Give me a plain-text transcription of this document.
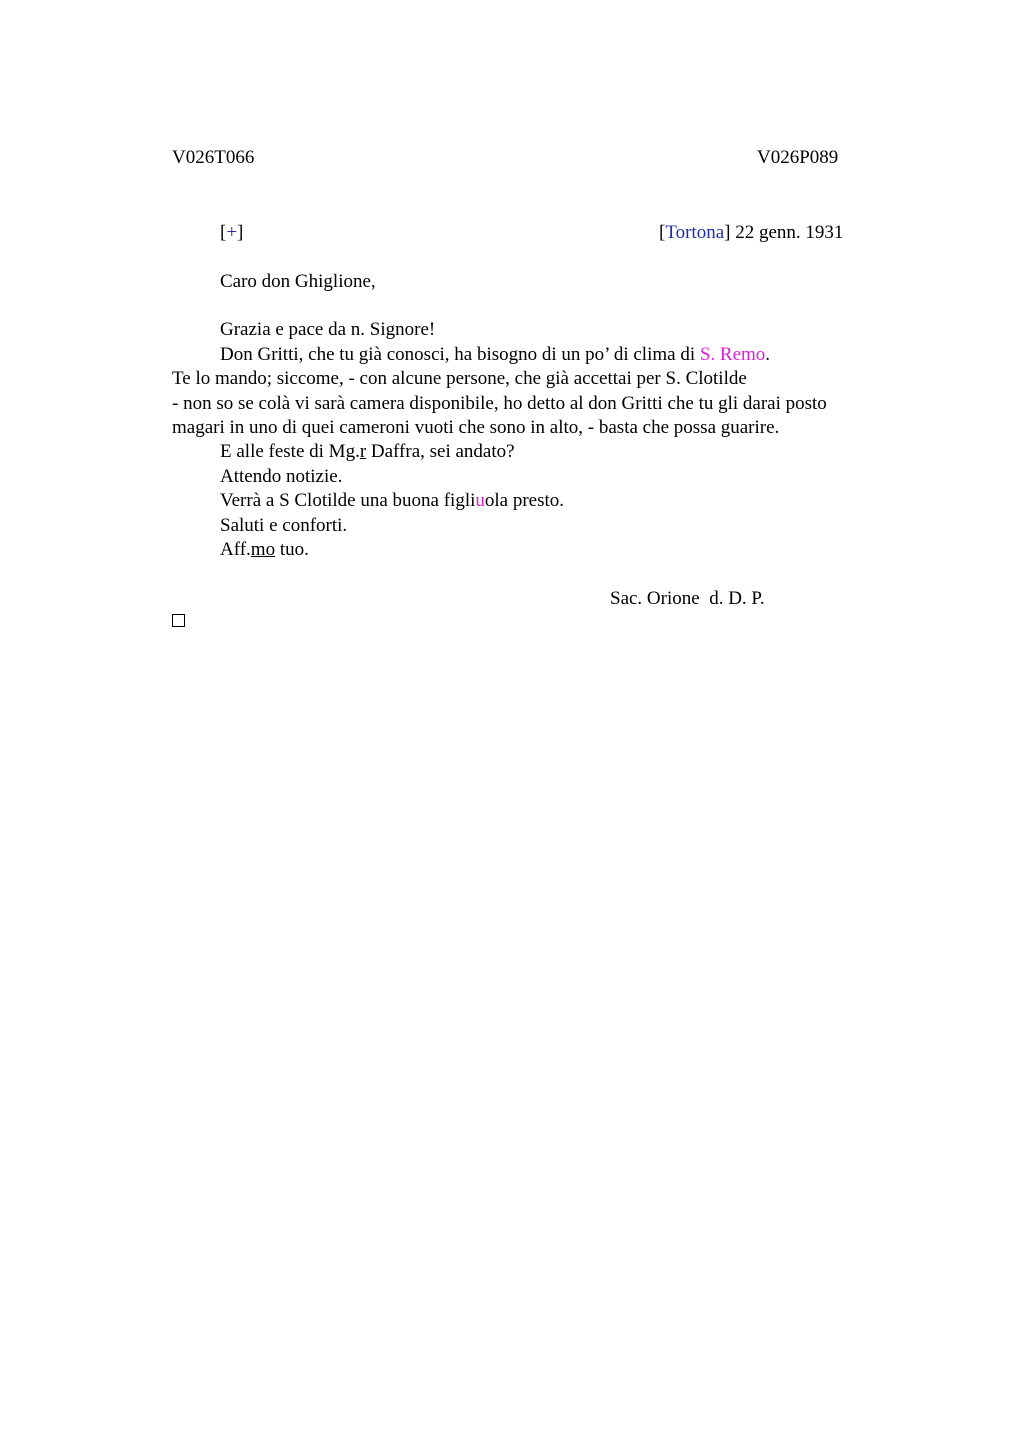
V026T066	V026P089
[+]	[Tortona] 22 genn. 1931
Caro don Ghiglione,
Grazia e pace da n. Signore!
Don Gritti, che tu già conosci, ha bisogno di un po’ di clima di S. Remo.
Te lo mando; siccome, - con alcune persone, che già accettai per S. Clotilde
- non so se colà vi sarà camera disponibile, ho detto al don Gritti che tu gli darai posto
magari in uno di quei cameroni vuoti che sono in alto, - basta che possa guarire.
E alle feste di Mg.r Daffra, sei andato?
Attendo notizie.
Verrà a S Clotilde una buona figliuola presto.
Saluti e conforti.
Aff.mo tuo.
Sac. Orione  d. D. P.
